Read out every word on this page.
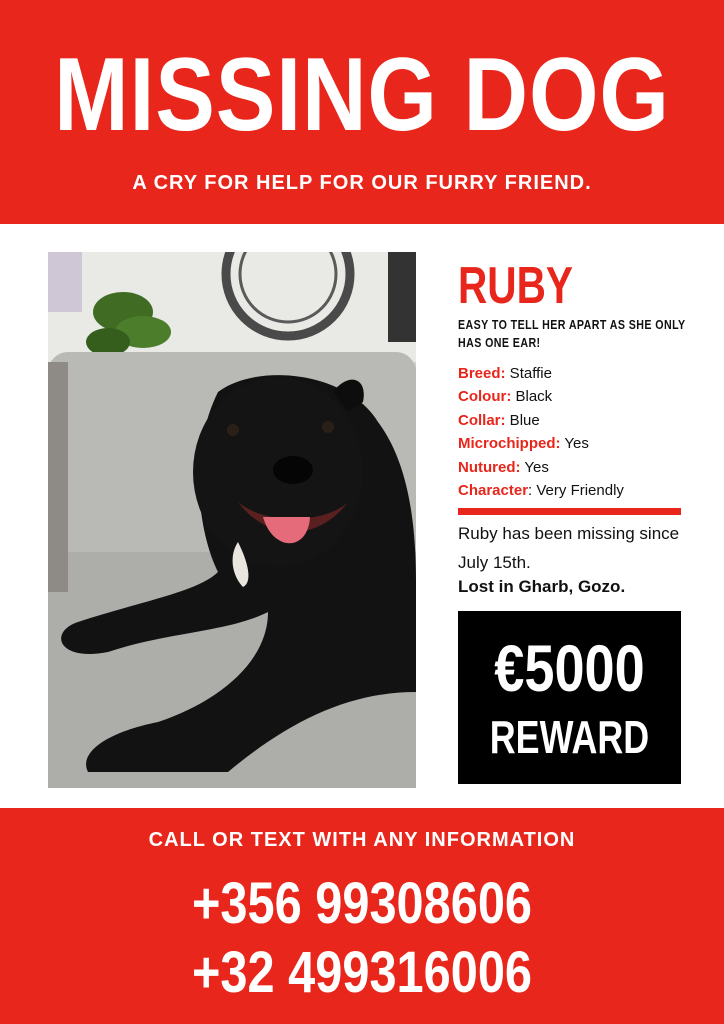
MISSING DOG
A CRY FOR HELP FOR OUR FURRY FRIEND.
RUBY
EASY TO TELL HER APART AS SHE ONLY HAS ONE EAR!
Breed: Staffie
Colour: Black
Collar: Blue
Microchipped: Yes
Nutured: Yes
Character: Very Friendly
Ruby has been missing since July 15th.
Lost in Gharb, Gozo.
€5000
REWARD
CALL OR TEXT WITH ANY INFORMATION
+356 99308606
+32 499316006
